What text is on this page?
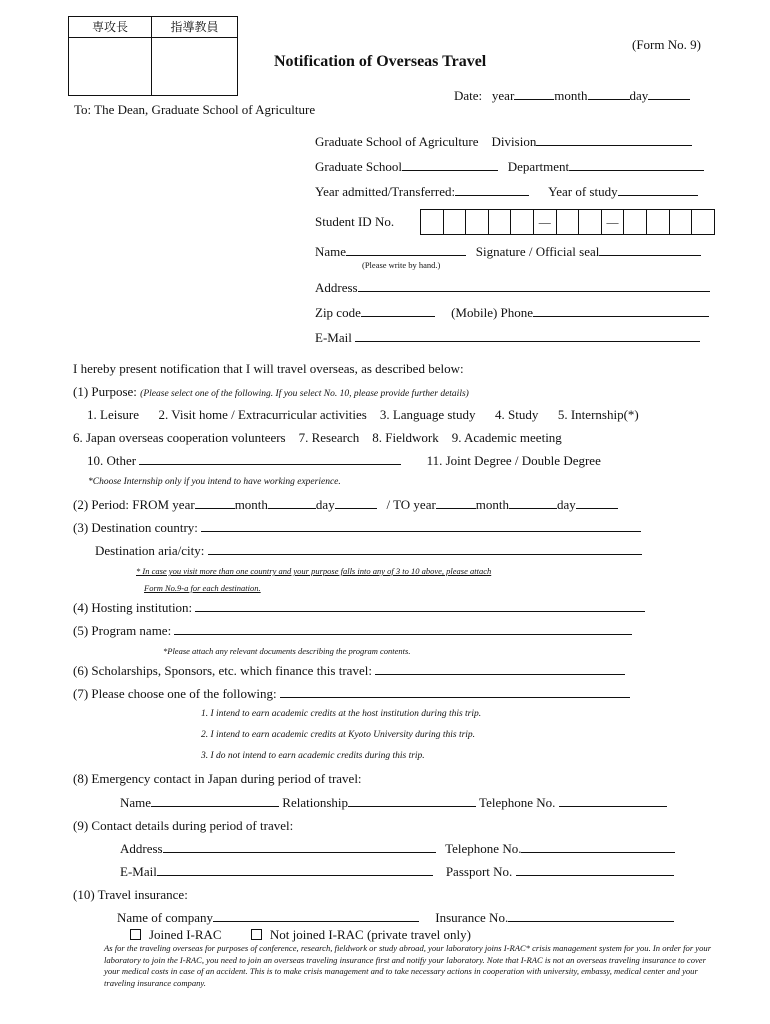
専攻長	指導教員
(Form No. 9)
Notification of Overseas Travel
Date: year	month	day
To: The Dean, Graduate School of Agriculture
Graduate School of Agriculture Division
Graduate School	Department
Year admitted/Transferred:	Year of study
Student ID No.	—	—
Name	Signature / Official seal
(Please write by hand.)
Address
Zip code	(Mobile) Phone
E-Mail
I hereby present notification that I will travel overseas, as described below:
(1) Purpose: (Please select one of the following. If you select No. 10, please provide further details)
1. Leisure      2. Visit home / Extracurricular activities    3. Language study      4. Study      5. Internship(*)
6. Japan overseas cooperation volunteers    7. Research    8. Fieldwork    9. Academic meeting
10. Other	11. Joint Degree / Double Degree
*Choose Internship only if you intend to have working experience.
(2) Period: FROM year	month	day	/ TO year	month	day
(3) Destination country:
Destination aria/city:
* In case you visit more than one country and your purpose falls into any of 3 to 10 above, please attach
Form No.9-a for each destination.
(4) Hosting institution:
(5) Program name:
*Please attach any relevant documents describing the program contents.
(6) Scholarships, Sponsors, etc. which finance this travel:
(7) Please choose one of the following:
1. I intend to earn academic credits at the host institution during this trip.
2. I intend to earn academic credits at Kyoto University during this trip.
3. I do not intend to earn academic credits during this trip.
(8) Emergency contact in Japan during period of travel:
Name	Relationship	Telephone No.
(9) Contact details during period of travel:
Address	Telephone No.
E-Mail	Passport No.
(10) Travel insurance:
Name of company	Insurance No.
Joined I-RAC	Not joined I-RAC (private travel only)
As for the traveling overseas for purposes of conference, research, fieldwork or study abroad, your laboratory joins I-RAC* crisis management system for you. In order for your laboratory to join the I-RAC, you need to join an overseas traveling insurance first and notify your laboratory. Note that I-RAC is not an overseas traveling insurance to cover your medical costs in case of an accident. This is to make crisis management and to take necessary actions in cooperation with university, embassy, medical center and your traveling insurance company.
